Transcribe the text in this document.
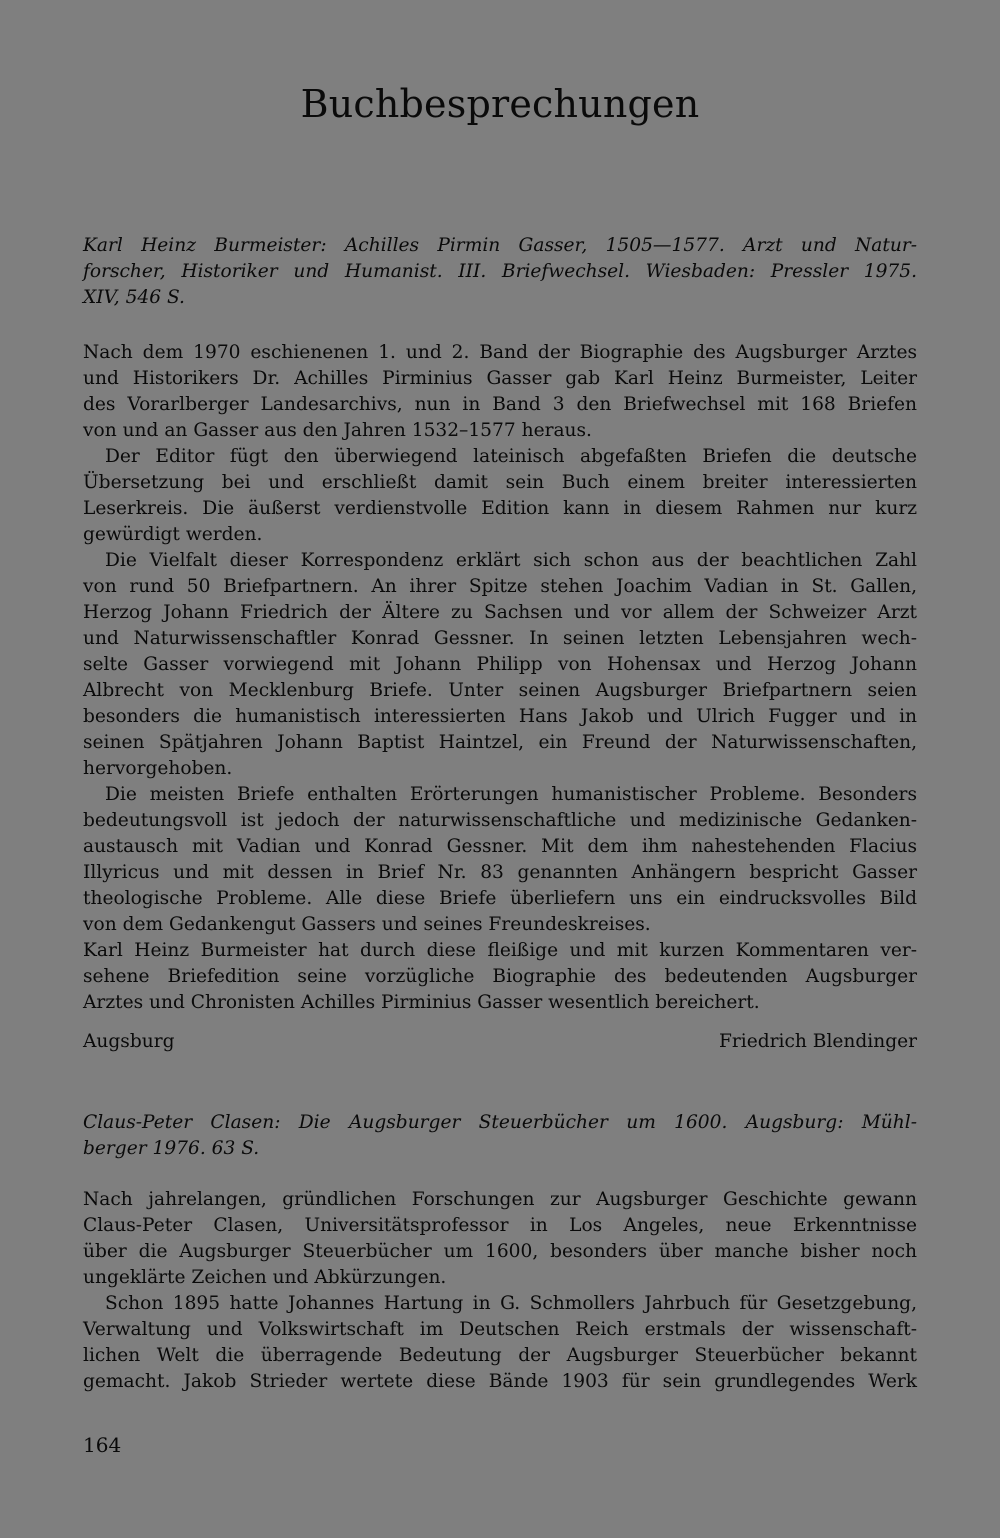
Buchbesprechungen
Karl Heinz Burmeister: Achilles Pirmin Gasser, 1505—1577. Arzt und Natur-
forscher, Historiker und Humanist. III. Briefwechsel. Wiesbaden: Pressler 1975.
XIV, 546 S.
Nach dem 1970 eschienenen 1. und 2. Band der Biographie des Augsburger Arztes
und Historikers Dr. Achilles Pirminius Gasser gab Karl Heinz Burmeister, Leiter
des Vorarlberger Landesarchivs, nun in Band 3 den Briefwechsel mit 168 Briefen
von und an Gasser aus den Jahren 1532–1577 heraus.
Der Editor fügt den überwiegend lateinisch abgefaßten Briefen die deutsche
Übersetzung bei und erschließt damit sein Buch einem breiter interessierten
Leserkreis. Die äußerst verdienstvolle Edition kann in diesem Rahmen nur kurz
gewürdigt werden.
Die Vielfalt dieser Korrespondenz erklärt sich schon aus der beachtlichen Zahl
von rund 50 Briefpartnern. An ihrer Spitze stehen Joachim Vadian in St. Gallen,
Herzog Johann Friedrich der Ältere zu Sachsen und vor allem der Schweizer Arzt
und Naturwissenschaftler Konrad Gessner. In seinen letzten Lebensjahren wech-
selte Gasser vorwiegend mit Johann Philipp von Hohensax und Herzog Johann
Albrecht von Mecklenburg Briefe. Unter seinen Augsburger Briefpartnern seien
besonders die humanistisch interessierten Hans Jakob und Ulrich Fugger und in
seinen Spätjahren Johann Baptist Haintzel, ein Freund der Naturwissenschaften,
hervorgehoben.
Die meisten Briefe enthalten Erörterungen humanistischer Probleme. Besonders
bedeutungsvoll ist jedoch der naturwissenschaftliche und medizinische Gedanken-
austausch mit Vadian und Konrad Gessner. Mit dem ihm nahestehenden Flacius
Illyricus und mit dessen in Brief Nr. 83 genannten Anhängern bespricht Gasser
theologische Probleme. Alle diese Briefe überliefern uns ein eindrucksvolles Bild
von dem Gedankengut Gassers und seines Freundeskreises.
Karl Heinz Burmeister hat durch diese fleißige und mit kurzen Kommentaren ver-
sehene Briefedition seine vorzügliche Biographie des bedeutenden Augsburger
Arztes und Chronisten Achilles Pirminius Gasser wesentlich bereichert.
Augsburg	Friedrich Blendinger
Claus-Peter Clasen: Die Augsburger Steuerbücher um 1600. Augsburg: Mühl-
berger 1976. 63 S.
Nach jahrelangen, gründlichen Forschungen zur Augsburger Geschichte gewann
Claus-Peter Clasen, Universitätsprofessor in Los Angeles, neue Erkenntnisse
über die Augsburger Steuerbücher um 1600, besonders über manche bisher noch
ungeklärte Zeichen und Abkürzungen.
Schon 1895 hatte Johannes Hartung in G. Schmollers Jahrbuch für Gesetzgebung,
Verwaltung und Volkswirtschaft im Deutschen Reich erstmals der wissenschaft-
lichen Welt die überragende Bedeutung der Augsburger Steuerbücher bekannt
gemacht. Jakob Strieder wertete diese Bände 1903 für sein grundlegendes Werk
164
